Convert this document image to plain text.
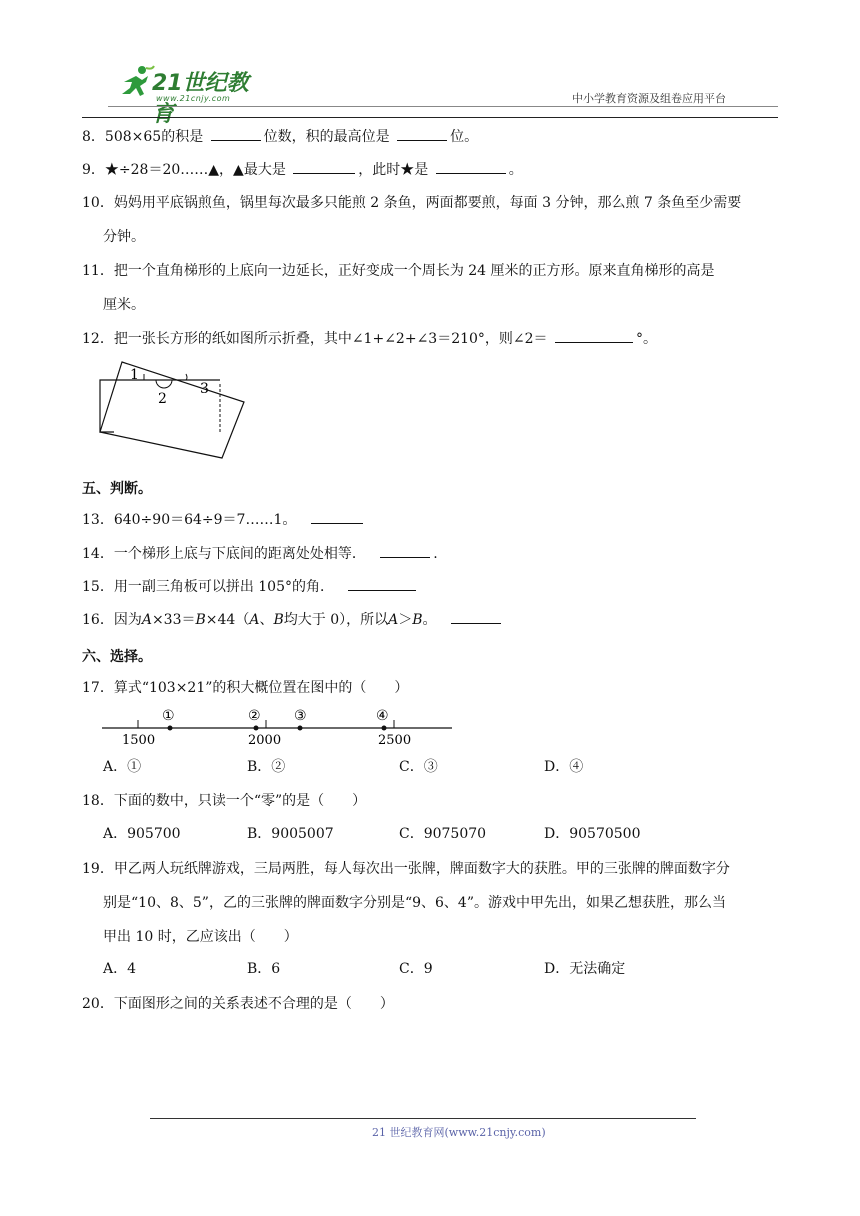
21世纪教育
www.21cnjy.com	中小学教育资源及组卷应用平台
8．508×65的积是	位数，积的最高位是	位。
9．★÷28＝20……▲，▲最大是	，此时★是	。
10．妈妈用平底锅煎鱼，锅里每次最多只能煎 2 条鱼，两面都要煎，每面 3 分钟，那么煎 7 条鱼至少需要
分钟。
11．把一个直角梯形的上底向一边延长，正好变成一个周长为 24 厘米的正方形。原来直角梯形的高是
厘米。
12．把一张长方形的纸如图所示折叠，其中∠1+∠2+∠3＝210°，则∠2＝	°。
1
2
3
五、判断。
13．640÷90＝64÷9＝7……1。
14．一个梯形上底与下底间的距离处处相等．	.
15．用一副三角板可以拼出 105°的角．
16．因为A×33＝B×44（A、B均大于 0），所以A＞B。
六、选择。
17．算式“103×21”的积大概位置在图中的（　　）
①	② ③	④
1500	2000	2500
A．①	B．②	C．③	D．④
18．下面的数中，只读一个“零”的是（　　）
A．905700	B．9005007	C．9075070	D．90570500
19．甲乙两人玩纸牌游戏，三局两胜，每人每次出一张牌，牌面数字大的获胜。甲的三张牌的牌面数字分
别是“10、8、5”，乙的三张牌的牌面数字分别是“9、6、4”。游戏中甲先出，如果乙想获胜，那么当
甲出 10 时，乙应该出（　　）
A．4	B．6	C．9	D．无法确定
20．下面图形之间的关系表述不合理的是（　　）
21 世纪教育网(www.21cnjy.com)
